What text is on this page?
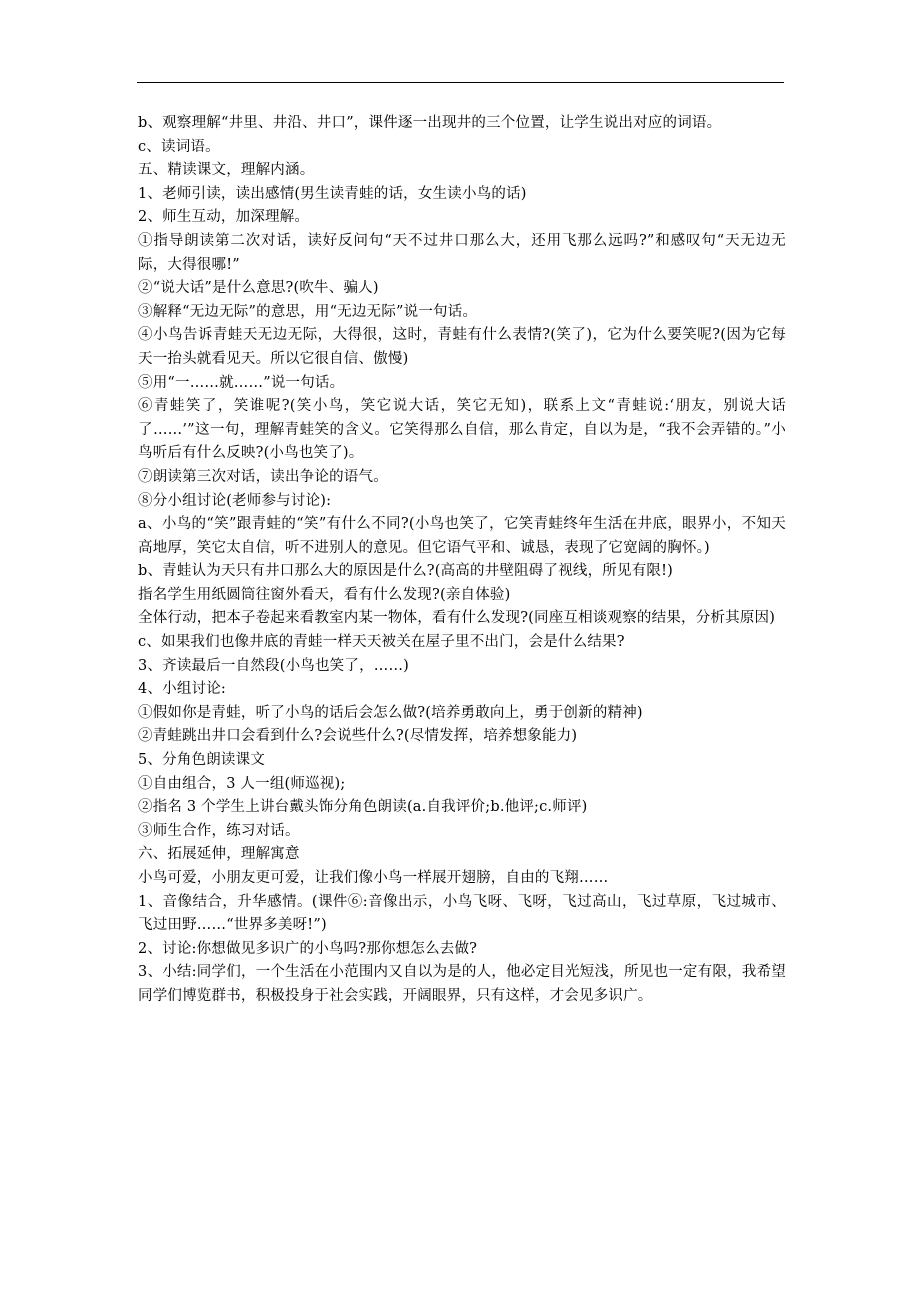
b、观察理解“井里、井沿、井口”，课件逐一出现井的三个位置，让学生说出对应的词语。

c、读词语。

五、精读课文，理解内涵。

1、老师引读，读出感情(男生读青蛙的话，女生读小鸟的话)

2、师生互动，加深理解。

①指导朗读第二次对话，读好反问句“天不过井口那么大，还用飞那么远吗?”和感叹句“天无边无际，大得很哪!”

②“说大话”是什么意思?(吹牛、骗人)

③解释“无边无际”的意思，用“无边无际”说一句话。

④小鸟告诉青蛙天无边无际，大得很，这时，青蛙有什么表情?(笑了)，它为什么要笑呢?(因为它每天一抬头就看见天。所以它很自信、傲慢)

⑤用“一……就……”说一句话。

⑥青蛙笑了，笑谁呢?(笑小鸟，笑它说大话，笑它无知)，联系上文“青蛙说:‘朋友，别说大话了……’”这一句，理解青蛙笑的含义。它笑得那么自信，那么肯定，自以为是，“我不会弄错的。”小鸟听后有什么反映?(小鸟也笑了)。

⑦朗读第三次对话，读出争论的语气。

⑧分小组讨论(老师参与讨论):

a、小鸟的“笑”跟青蛙的“笑”有什么不同?(小鸟也笑了，它笑青蛙终年生活在井底，眼界小，不知天高地厚，笑它太自信，听不进别人的意见。但它语气平和、诚恳，表现了它宽阔的胸怀。)

b、青蛙认为天只有井口那么大的原因是什么?(高高的井壁阻碍了视线，所见有限!)

指名学生用纸圆筒往窗外看天，看有什么发现?(亲自体验)

全体行动，把本子卷起来看教室内某一物体，看有什么发现?(同座互相谈观察的结果，分析其原因)

c、如果我们也像井底的青蛙一样天天被关在屋子里不出门，会是什么结果?

3、齐读最后一自然段(小鸟也笑了，……)

4、小组讨论:

①假如你是青蛙，听了小鸟的话后会怎么做?(培养勇敢向上，勇于创新的精神)

②青蛙跳出井口会看到什么?会说些什么?(尽情发挥，培养想象能力)

5、分角色朗读课文

①自由组合，3 人一组(师巡视);

②指名 3 个学生上讲台戴头饰分角色朗读(a.自我评价;b.他评;c.师评)

③师生合作，练习对话。

六、拓展延伸，理解寓意

小鸟可爱，小朋友更可爱，让我们像小鸟一样展开翅膀，自由的飞翔……

1、音像结合，升华感情。(课件⑥:音像出示，小鸟飞呀、飞呀，飞过高山，飞过草原，飞过城市、飞过田野……“世界多美呀!”)

2、讨论:你想做见多识广的小鸟吗?那你想怎么去做?

3、小结:同学们，一个生活在小范围内又自以为是的人，他必定目光短浅，所见也一定有限，我希望同学们博览群书，积极投身于社会实践，开阔眼界，只有这样，才会见多识广。
